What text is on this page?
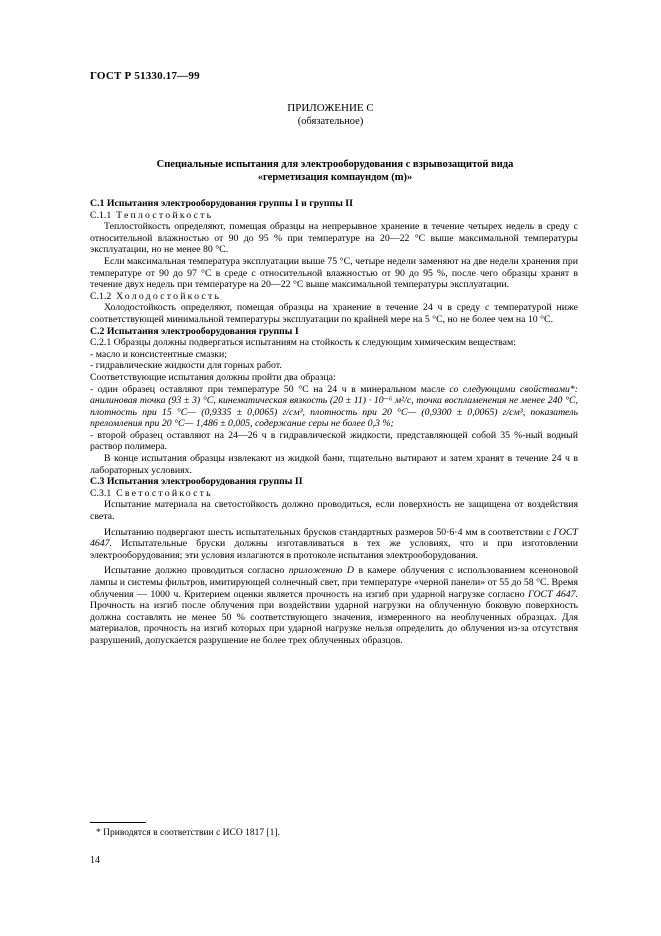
ГОСТ Р 51330.17—99
ПРИЛОЖЕНИЕ С
(обязательное)
Специальные испытания для электрооборудования с взрывозащитой вида
«герметизация компаундом (m)»

С.1 Испытания электрооборудования группы I и группы II

С.1.1 Теплостойкость

Теплостойкость определяют, помещая образцы на непрерывное хранение в течение четырех недель в среду с относительной влажностью от 90 до 95 % при температуре на 20—22 °С выше максимальной температуры эксплуатации, но не менее 80 °С.

Если максимальная температура эксплуатации выше 75 °С, четыре недели заменяют на две недели хранения при температуре от 90 до 97 °С в среде с относительной влажностью от 90 до 95 %, после чего образцы хранят в течение двух недель при температуре на 20—22 °С выше максимальной температуры эксплуатации.

С.1.2 Холодостойкость

Холодостойкость определяют, помещая образцы на хранение в течение 24 ч в среду с температурой ниже соответствующей минимальной температуры эксплуатации по крайней мере на 5 °С, но не более чем на 10 °С.

С.2 Испытания электрооборудования группы I

С.2.1 Образцы должны подвергаться испытаниям на стойкость к следующим химическим веществам:

- масло и консистентные смазки;

- гидравлические жидкости для горных работ.

Соответствующие испытания должны пройти два образца:

- один образец оставляют при температуре 50 °С на 24 ч в минеральном масле со следующими свойствами*: анилиновая точка (93 ± 3) °С, кинематическая вязкость (20 ± 11) · 10⁻⁶ м²/с, точка воспламенения не менее 240 °С, плотность при 15 °С— (0,9335 ± 0,0065) г/см³, плотность при 20 °С— (0,9300 ± 0,0065) г/см³, показатель преломления при 20 °С— 1,486 ± 0,005, содержание серы не более 0,3 %;

- второй образец оставляют на 24—26 ч в гидравлической жидкости, представляющей собой 35 %-ный водный раствор полимера.

В конце испытания образцы извлекают из жидкой бани, тщательно вытирают и затем хранят в течение 24 ч в лабораторных условиях.

С.3 Испытания электрооборудования группы II

С.3.1 Светостойкость

Испытание материала на светостойкость должно проводиться, если поверхность не защищена от воздействия света.

Испытанию подвергают шесть испытательных брусков стандартных размеров 50·6·4 мм в соответствии с ГОСТ 4647. Испытательные бруски должны изготавливаться в тех же условиях, что и при изготовлении электрооборудования; эти условия излагаются в протоколе испытания электрооборудования.

Испытание должно проводиться согласно приложению D в камере облучения с использованием ксеноновой лампы и системы фильтров, имитирующей солнечный свет, при температуре «черной панели» от 55 до 58 °С. Время облучения — 1000 ч. Критерием оценки является прочность на изгиб при ударной нагрузке согласно ГОСТ 4647. Прочность на изгиб после облучения при воздействии ударной нагрузки на облученную боковую поверхность должна составлять не менее 50 % соответствующего значения, измеренного на необлученных образцах. Для материалов, прочность на изгиб которых при ударной нагрузке нельзя определить до облучения из-за отсутствия разрушений, допускается разрушение не более трех облученных образцов.

* Приводятся в соответствии с ИСО 1817 [1].
14
